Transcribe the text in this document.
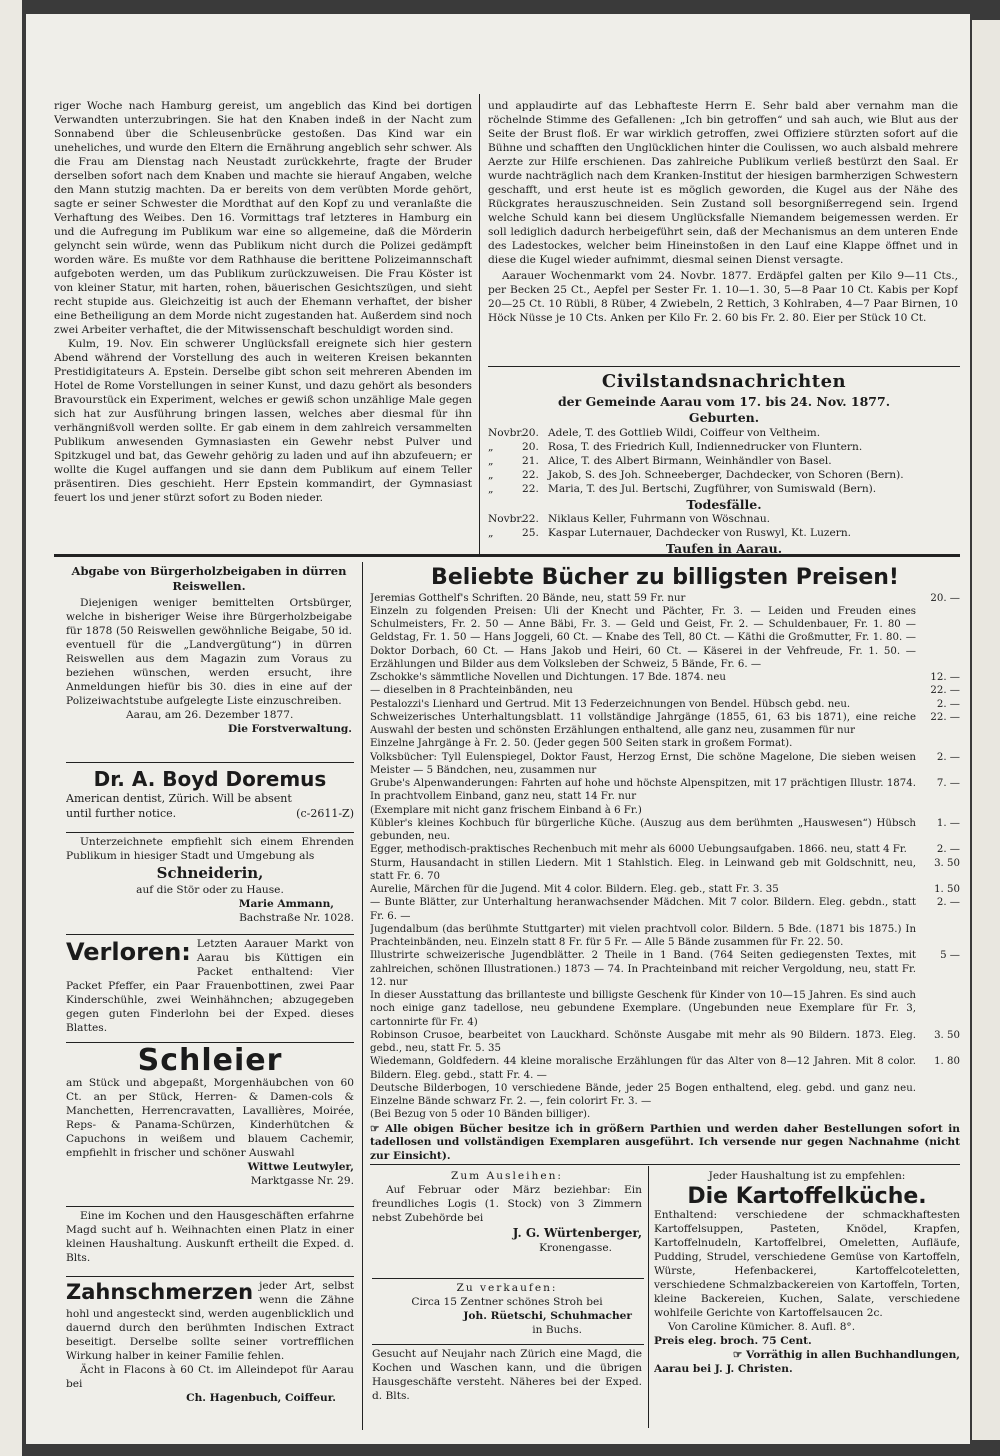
riger Woche nach Hamburg gereist, um angeblich das Kind bei dortigen Verwandten unterzubringen. Sie hat den Knaben indeß in der Nacht zum Sonnabend über die Schleusenbrücke gestoßen. Das Kind war ein uneheliches, und wurde den Eltern die Ernährung angeblich sehr schwer. Als die Frau am Dienstag nach Neustadt zurückkehrte, fragte der Bruder derselben sofort nach dem Knaben und machte sie hierauf Angaben, welche den Mann stutzig machten. Da er bereits von dem verübten Morde gehört, sagte er seiner Schwester die Mordthat auf den Kopf zu und veranlaßte die Verhaftung des Weibes. Den 16. Vormittags traf letzteres in Hamburg ein und die Aufregung im Publikum war eine so allgemeine, daß die Mörderin gelyncht sein würde, wenn das Publikum nicht durch die Polizei gedämpft worden wäre. Es mußte vor dem Rathhause die berittene Polizeimannschaft aufgeboten werden, um das Publikum zurückzuweisen. Die Frau Köster ist von kleiner Statur, mit harten, rohen, bäuerischen Gesichtszügen, und sieht recht stupide aus. Gleichzeitig ist auch der Ehemann verhaftet, der bisher eine Betheiligung an dem Morde nicht zugestanden hat. Außerdem sind noch zwei Arbeiter verhaftet, die der Mitwissenschaft beschuldigt worden sind.

Kulm, 19. Nov. Ein schwerer Unglücksfall ereignete sich hier gestern Abend während der Vorstellung des auch in weiteren Kreisen bekannten Prestidigitateurs A. Epstein. Derselbe gibt schon seit mehreren Abenden im Hotel de Rome Vorstellungen in seiner Kunst, und dazu gehört als besonders Bravourstück ein Experiment, welches er gewiß schon unzählige Male gegen sich hat zur Ausführung bringen lassen, welches aber diesmal für ihn verhängnißvoll werden sollte. Er gab einem in dem zahlreich versammelten Publikum anwesenden Gymnasiasten ein Gewehr nebst Pulver und Spitzkugel und bat, das Gewehr gehörig zu laden und auf ihn abzufeuern; er wollte die Kugel auffangen und sie dann dem Publikum auf einem Teller präsentiren. Dies geschieht. Herr Epstein kommandirt, der Gymnasiast feuert los und jener stürzt sofort zu Boden nieder.

und applaudirte auf das Lebhafteste Herrn E. Sehr bald aber vernahm man die röchelnde Stimme des Gefallenen: „Ich bin getroffen“ und sah auch, wie Blut aus der Seite der Brust floß. Er war wirklich getroffen, zwei Offiziere stürzten sofort auf die Bühne und schafften den Unglücklichen hinter die Coulissen, wo auch alsbald mehrere Aerzte zur Hilfe erschienen. Das zahlreiche Publikum verließ bestürzt den Saal. Er wurde nachträglich nach dem Kranken-Institut der hiesigen barmherzigen Schwestern geschafft, und erst heute ist es möglich geworden, die Kugel aus der Nähe des Rückgrates herauszuschneiden. Sein Zustand soll besorgnißerregend sein. Irgend welche Schuld kann bei diesem Unglücksfalle Niemandem beigemessen werden. Er soll lediglich dadurch herbeigeführt sein, daß der Mechanismus an dem unteren Ende des Ladestockes, welcher beim Hineinstoßen in den Lauf eine Klappe öffnet und in diese die Kugel wieder aufnimmt, diesmal seinen Dienst versagte.

Aarauer Wochenmarkt vom 24. Novbr. 1877. Erdäpfel galten per Kilo 9—11 Cts., per Becken 25 Ct., Aepfel per Sester Fr. 1. 10—1. 30, 5—8 Paar 10 Ct. Kabis per Kopf 20—25 Ct. 10 Rübli, 8 Rüber, 4 Zwiebeln, 2 Rettich, 3 Kohlraben, 4—7 Paar Birnen, 10 Höck Nüsse je 10 Cts. Anken per Kilo Fr. 2. 60 bis Fr. 2. 80. Eier per Stück 10 Ct.

Civilstandsnachrichten
der Gemeinde Aarau vom 17. bis 24. Nov. 1877.
Geburten.
Novbr.
20. Adele, T. des Gottlieb Wildi, Coiffeur von Veltheim.
„	20. Rosa, T. des Friedrich Kull, Indiennedrucker von Fluntern.
„	21. Alice, T. des Albert Birmann, Weinhändler von Basel.
„	22. Jakob, S. des Joh. Schneeberger, Dachdecker, von Schoren (Bern).
„	22. Maria, T. des Jul. Bertschi, Zugführer, von Sumiswald (Bern).
Todesfälle.
Novbr.
22. Niklaus Keller, Fuhrmann von Wöschnau.
„	25. Kaspar Luternauer, Dachdecker von Ruswyl, Kt. Luzern.
Taufen in Aarau.
Abgabe von Bürgerholzbeigaben in dürren Reiswellen.

Diejenigen weniger bemittelten Ortsbürger, welche in bisheriger Weise ihre Bürgerholzbeigabe für 1878 (50 Reiswellen gewöhnliche Beigabe, 50 id. eventuell für die „Landvergütung“) in dürren Reiswellen aus dem Magazin zum Voraus zu beziehen wünschen, werden ersucht, ihre Anmeldungen hiefür bis 30. dies in eine auf der Polizeiwachtstube aufgelegte Liste einzuschreiben.

Aarau, am 26. Dezember 1877.
Die Forstverwaltung.
Dr. A. Boyd Doremus
American dentist, Zürich. Will be absent
until further notice.	(c-2611-Z)

Unterzeichnete empfiehlt sich einem Ehrenden Publikum in hiesiger Stadt und Umgebung als

Schneiderin,
auf die Stör oder zu Hause.
Marie Ammann,
Bachstraße Nr. 1028.
Verloren: Letzten Aarauer Markt von Aarau bis Küttigen ein Packet enthaltend: Vier Packet Pfeffer, ein Paar Frauenbottinen, zwei Paar Kinderschühle, zwei Weinhähnchen; abzugegeben gegen guten Finderlohn bei der Exped. dieses Blattes.

Schleier

am Stück und abgepaßt, Morgenhäubchen von 60 Ct. an per Stück, Herren- & Damen-cols & Manchetten, Herrencravatten, Lavallières, Moirée, Reps- & Panama-Schürzen, Kinderhütchen & Capuchons in weißem und blauem Cachemir, empfiehlt in frischer und schöner Auswahl

Wittwe Leutwyler,
Marktgasse Nr. 29.

Eine im Kochen und den Hausgeschäften erfahrne Magd sucht auf h. Weihnachten einen Platz in einer kleinen Haushaltung. Auskunft ertheilt die Exped. d. Blts.

Zahnschmerzen jeder Art, selbst wenn die Zähne hohl und angesteckt sind, werden augenblicklich und dauernd durch den berühmten Indischen Extract beseitigt. Derselbe sollte seiner vortrefflichen Wirkung halber in keiner Familie fehlen.

Ächt in Flacons à 60 Ct. im Alleindepot für Aarau bei

Ch. Hagenbuch, Coiffeur.
Beliebte Bücher zu billigsten Preisen!
Jeremias Gotthelf's Schriften. 20 Bände, neu, statt 59 Fr. nur	20. —
Einzeln zu folgenden Preisen: Uli der Knecht und Pächter, Fr. 3. — Leiden und Freuden eines Schulmeisters, Fr. 2. 50 — Anne Bäbi, Fr. 3. — Geld und Geist, Fr. 2. — Schuldenbauer, Fr. 1. 80 — Geldstag, Fr. 1. 50 — Hans Joggeli, 60 Ct. — Knabe des Tell, 80 Ct. — Käthi die Großmutter, Fr. 1. 80. — Doktor Dorbach, 60 Ct. — Hans Jakob und Heiri, 60 Ct. — Käserei in der Vehfreude, Fr. 1. 50. — Erzählungen und Bilder aus dem Volksleben der Schweiz, 5 Bände, Fr. 6. —
Zschokke's sämmtliche Novellen und Dichtungen. 17 Bde. 1874. neu	12. —
— dieselben in 8 Prachteinbänden, neu	22. —
Pestalozzi's Lienhard und Gertrud. Mit 13 Federzeichnungen von Bendel. Hübsch gebd. neu.	2. —
Schweizerisches Unterhaltungsblatt. 11 vollständige Jahrgänge (1855, 61, 63 bis 1871), eine reiche Auswahl der besten und schönsten Erzählungen enthaltend, alle ganz neu, zusammen für nur
22. —
Einzelne Jahrgänge à Fr. 2. 50. (Jeder gegen 500 Seiten stark in großem Format).
Volksbücher: Tyll Eulenspiegel, Doktor Faust, Herzog Ernst, Die schöne Magelone, Die sieben weisen Meister — 5 Bändchen, neu, zusammen nur
2. —
Grube's Alpenwanderungen: Fahrten auf hohe und höchste Alpenspitzen, mit 17 prächtigen Illustr. 1874. In prachtvollem Einband, ganz neu, statt 14 Fr. nur
7. —
(Exemplare mit nicht ganz frischem Einband à 6 Fr.)
Kübler's kleines Kochbuch für bürgerliche Küche. (Auszug aus dem berühmten „Hauswesen“) Hübsch gebunden, neu.
1. —
Egger, methodisch-praktisches Rechenbuch mit mehr als 6000 Uebungsaufgaben. 1866. neu, statt 4 Fr.	2. —
Sturm, Hausandacht in stillen Liedern. Mit 1 Stahlstich. Eleg. in Leinwand geb mit Goldschnitt, neu, statt Fr. 6. 70
3. 50
Aurelie, Märchen für die Jugend. Mit 4 color. Bildern. Eleg. geb., statt Fr. 3. 35	1. 50
— Bunte Blätter, zur Unterhaltung heranwachsender Mädchen. Mit 7 color. Bildern. Eleg. gebdn., statt Fr. 6. —
2. —
Jugendalbum (das berühmte Stuttgarter) mit vielen prachtvoll color. Bildern. 5 Bde. (1871 bis 1875.) In Prachteinbänden, neu. Einzeln statt 8 Fr. für 5 Fr. — Alle 5 Bände zusammen für Fr. 22. 50.
Illustrirte schweizerische Jugendblätter. 2 Theile in 1 Band. (764 Seiten gediegensten Textes, mit zahlreichen, schönen Illustrationen.) 1873 — 74. In Prachteinband mit reicher Vergoldung, neu, statt Fr. 12. nur
5 —
In dieser Ausstattung das brillanteste und billigste Geschenk für Kinder von 10—15 Jahren. Es sind auch noch einige ganz tadellose, neu gebundene Exemplare. (Ungebunden neue Exemplare für Fr. 3, cartonnirte für Fr. 4)
Robinson Crusoe, bearbeitet von Lauckhard. Schönste Ausgabe mit mehr als 90 Bildern. 1873. Eleg. gebd., neu, statt Fr. 5. 35
3. 50
Wiedemann, Goldfedern. 44 kleine moralische Erzählungen für das Alter von 8—12 Jahren. Mit 8 color. Bildern. Eleg. gebd., statt Fr. 4. —
1. 80
Deutsche Bilderbogen, 10 verschiedene Bände, jeder 25 Bogen enthaltend, eleg. gebd. und ganz neu. Einzelne Bände schwarz Fr. 2. —, fein colorirt Fr. 3. —
(Bei Bezug von 5 oder 10 Bänden billiger).

☞ Alle obigen Bücher besitze ich in größern Parthien und werden daher Bestellungen sofort in tadellosen und vollständigen Exemplaren ausgeführt. Ich versende nur gegen Nachnahme (nicht zur Einsicht).

Zum Ausleihen:

Auf Februar oder März beziehbar: Ein freundliches Logis (1. Stock) von 3 Zimmern nebst Zubehörde bei

J. G. Würtenberger,
Kronengasse.
Zu verkaufen:
Circa 15 Zentner schönes Stroh bei
Joh. Rüetschi, Schuhmacher
in Buchs.

Gesucht auf Neujahr nach Zürich eine Magd, die Kochen und Waschen kann, und die übrigen Hausgeschäfte versteht. Näheres bei der Exped. d. Blts.

Jeder Haushaltung ist zu empfehlen:
Die Kartoffelküche.

Enthaltend: verschiedene der schmackhaftesten Kartoffelsuppen, Pasteten, Knödel, Krapfen, Kartoffelnudeln, Kartoffelbrei, Omeletten, Aufläufe, Pudding, Strudel, verschiedene Gemüse von Kartoffeln, Würste, Hefenbackerei, Kartoffelcoteletten, verschiedene Schmalzbackereien von Kartoffeln, Torten, kleine Backereien, Kuchen, Salate, verschiedene wohlfeile Gerichte von Kartoffelsaucen 2c.

Von Caroline Kümicher. 8. Aufl. 8°.
Preis eleg. broch. 75 Cent.
☞ Vorräthig in allen Buchhandlungen,
Aarau bei J. J. Christen.
